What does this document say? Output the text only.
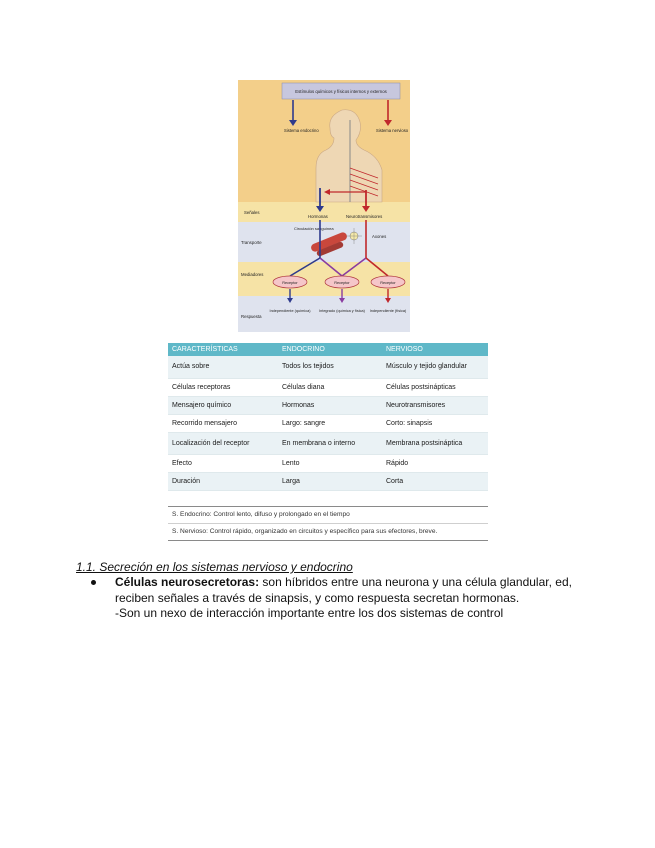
Estímulos químicos y físicos internos y externos
Sistema endocrino	Sistema nervioso
Señales
Transporte
Mediadores
Respuesta
Hormonas	Neurotransmisores
Circulación sanguínea
Axones
Receptor	Receptor	Receptor
Independiente (química) Integrado (química y física) Independiente (física)
CARACTERÍSTICAS	ENDOCRINO	NERVIOSO
Actúa sobre	Todos los tejidos	Músculo y tejido glandular
Células receptoras	Células diana	Células postsinápticas
Mensajero químico	Hormonas	Neurotransmisores
Recorrido mensajero	Largo: sangre	Corto: sinapsis
Localización del receptor	En membrana o interno	Membrana postsináptica
Efecto	Lento	Rápido
Duración	Larga	Corta
S. Endocrino: Control lento, difuso y prolongado en el tiempo
S. Nervioso: Control rápido, organizado en circuitos y específico para sus efectores, breve.
1.1. Secreción en los sistemas nervioso y endocrino
Células neurosecretoras: son híbridos entre una neurona y una célula glandular, ed, reciben señales a través de sinapsis, y como respuesta secretan hormonas.
-Son un nexo de interacción importante entre los dos sistemas de control
